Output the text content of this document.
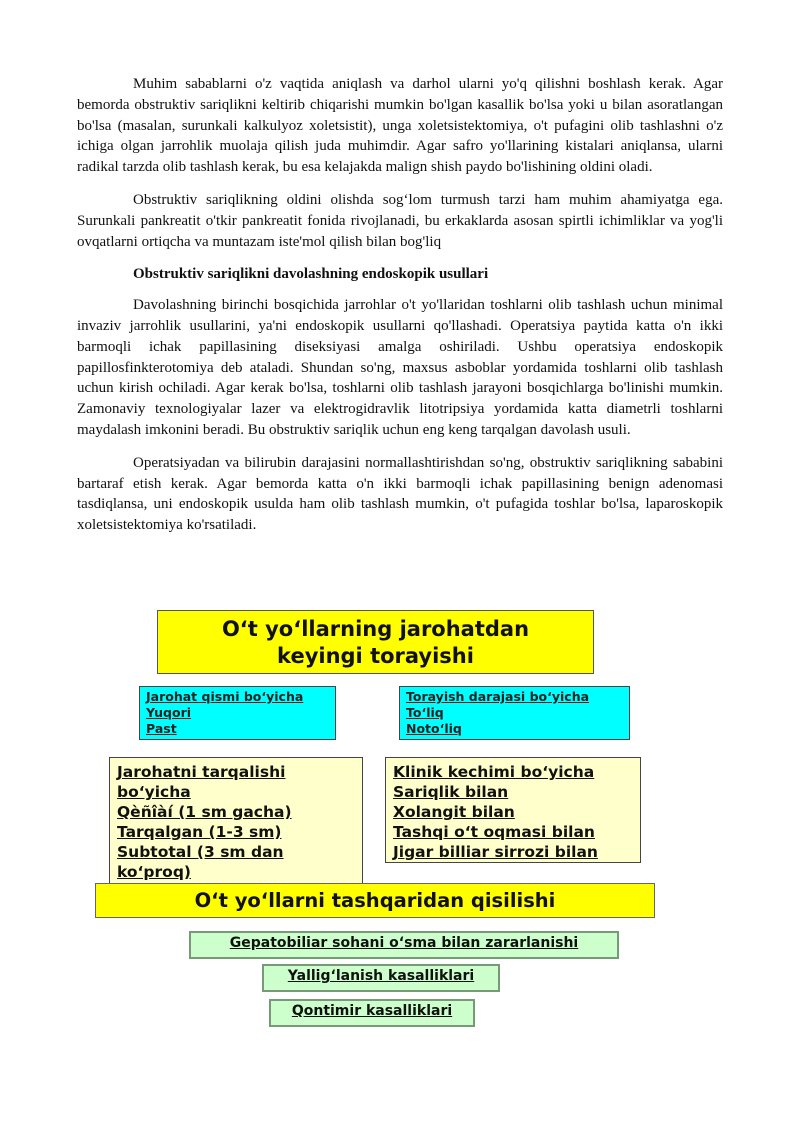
Muhim sabablarni o'z vaqtida aniqlash va darhol ularni yo'q qilishni boshlash kerak. Agar bemorda obstruktiv sariqlikni keltirib chiqarishi mumkin bo'lgan kasallik bo'lsa yoki u bilan asoratlangan bo'lsa (masalan, surunkali kalkulyoz xoletsistit), unga xoletsistektomiya, o't pufagini olib tashlashni o'z ichiga olgan jarrohlik muolaja qilish juda muhimdir. Agar safro yo'llarining kistalari aniqlansa, ularni radikal tarzda olib tashlash kerak, bu esa kelajakda malign shish paydo bo'lishining oldini oladi.

Obstruktiv sariqlikning oldini olishda sog‘lom turmush tarzi ham muhim ahamiyatga ega. Surunkali pankreatit o'tkir pankreatit fonida rivojlanadi, bu erkaklarda asosan spirtli ichimliklar va yog'li ovqatlarni ortiqcha va muntazam iste'mol qilish bilan bog'liq

Obstruktiv sariqlikni davolashning endoskopik usullari

Davolashning birinchi bosqichida jarrohlar o't yo'llaridan toshlarni olib tashlash uchun minimal invaziv jarrohlik usullarini, ya'ni endoskopik usullarni qo'llashadi. Operatsiya paytida katta o'n ikki barmoqli ichak papillasining diseksiyasi amalga oshiriladi. Ushbu operatsiya endoskopik papillosfinkterotomiya deb ataladi. Shundan so'ng, maxsus asboblar yordamida toshlarni olib tashlash uchun kirish ochiladi. Agar kerak bo'lsa, toshlarni olib tashlash jarayoni bosqichlarga bo'linishi mumkin. Zamonaviy texnologiyalar lazer va elektrogidravlik litotripsiya yordamida katta diametrli toshlarni maydalash imkonini beradi. Bu obstruktiv sariqlik uchun eng keng tarqalgan davolash usuli.

Operatsiyadan va bilirubin darajasini normallashtirishdan so'ng, obstruktiv sariqlikning sababini bartaraf etish kerak. Agar bemorda katta o'n ikki barmoqli ichak papillasining benign adenomasi tasdiqlansa, uni endoskopik usulda ham olib tashlash mumkin, o't pufagida toshlar bo'lsa, laparoskopik xoletsistektomiya ko'rsatiladi.

O‘t yo‘llarning jarohatdan
keyingi torayishi
Jarohat qismi bo‘yicha
Yuqori
Past
Torayish darajasi bo‘yicha
To‘liq
Noto‘liq
Jarohatni tarqalishi
bo‘yicha
Qèñîàí (1 sm gacha)
Tarqalgan (1-3 sm)
Subtotal (3 sm dan
ko‘proq)
Klinik kechimi bo‘yicha
Sariqlik bilan
Xolangit bilan
Tashqi o‘t oqmasi bilan
Jigar billiar sirrozi bilan
O‘t yo‘llarni tashqaridan qisilishi
Gepatobiliar sohani o‘sma bilan zararlanishi
Yallig‘lanish kasalliklari
Qontimir kasalliklari
